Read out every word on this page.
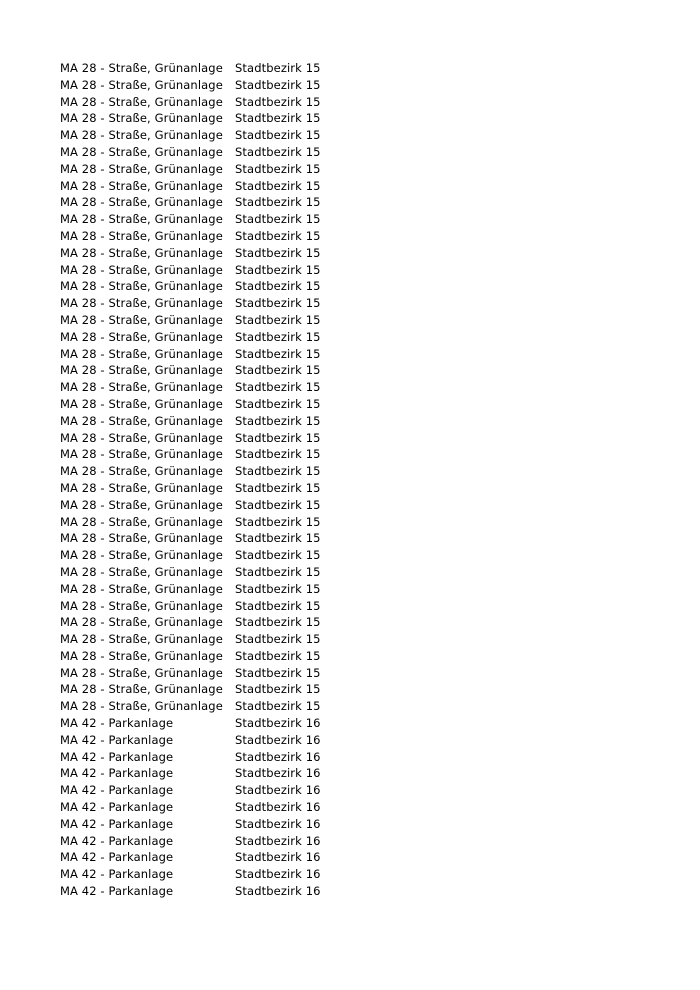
MA 28 - Straße, Grünanlage	Stadtbezirk 15
MA 28 - Straße, Grünanlage	Stadtbezirk 15
MA 28 - Straße, Grünanlage	Stadtbezirk 15
MA 28 - Straße, Grünanlage	Stadtbezirk 15
MA 28 - Straße, Grünanlage	Stadtbezirk 15
MA 28 - Straße, Grünanlage	Stadtbezirk 15
MA 28 - Straße, Grünanlage	Stadtbezirk 15
MA 28 - Straße, Grünanlage	Stadtbezirk 15
MA 28 - Straße, Grünanlage	Stadtbezirk 15
MA 28 - Straße, Grünanlage	Stadtbezirk 15
MA 28 - Straße, Grünanlage	Stadtbezirk 15
MA 28 - Straße, Grünanlage	Stadtbezirk 15
MA 28 - Straße, Grünanlage	Stadtbezirk 15
MA 28 - Straße, Grünanlage	Stadtbezirk 15
MA 28 - Straße, Grünanlage	Stadtbezirk 15
MA 28 - Straße, Grünanlage	Stadtbezirk 15
MA 28 - Straße, Grünanlage	Stadtbezirk 15
MA 28 - Straße, Grünanlage	Stadtbezirk 15
MA 28 - Straße, Grünanlage	Stadtbezirk 15
MA 28 - Straße, Grünanlage	Stadtbezirk 15
MA 28 - Straße, Grünanlage	Stadtbezirk 15
MA 28 - Straße, Grünanlage	Stadtbezirk 15
MA 28 - Straße, Grünanlage	Stadtbezirk 15
MA 28 - Straße, Grünanlage	Stadtbezirk 15
MA 28 - Straße, Grünanlage	Stadtbezirk 15
MA 28 - Straße, Grünanlage	Stadtbezirk 15
MA 28 - Straße, Grünanlage	Stadtbezirk 15
MA 28 - Straße, Grünanlage	Stadtbezirk 15
MA 28 - Straße, Grünanlage	Stadtbezirk 15
MA 28 - Straße, Grünanlage	Stadtbezirk 15
MA 28 - Straße, Grünanlage	Stadtbezirk 15
MA 28 - Straße, Grünanlage	Stadtbezirk 15
MA 28 - Straße, Grünanlage	Stadtbezirk 15
MA 28 - Straße, Grünanlage	Stadtbezirk 15
MA 28 - Straße, Grünanlage	Stadtbezirk 15
MA 28 - Straße, Grünanlage	Stadtbezirk 15
MA 28 - Straße, Grünanlage	Stadtbezirk 15
MA 28 - Straße, Grünanlage	Stadtbezirk 15
MA 28 - Straße, Grünanlage	Stadtbezirk 15
MA 42 - Parkanlage	Stadtbezirk 16
MA 42 - Parkanlage	Stadtbezirk 16
MA 42 - Parkanlage	Stadtbezirk 16
MA 42 - Parkanlage	Stadtbezirk 16
MA 42 - Parkanlage	Stadtbezirk 16
MA 42 - Parkanlage	Stadtbezirk 16
MA 42 - Parkanlage	Stadtbezirk 16
MA 42 - Parkanlage	Stadtbezirk 16
MA 42 - Parkanlage	Stadtbezirk 16
MA 42 - Parkanlage	Stadtbezirk 16
MA 42 - Parkanlage	Stadtbezirk 16
